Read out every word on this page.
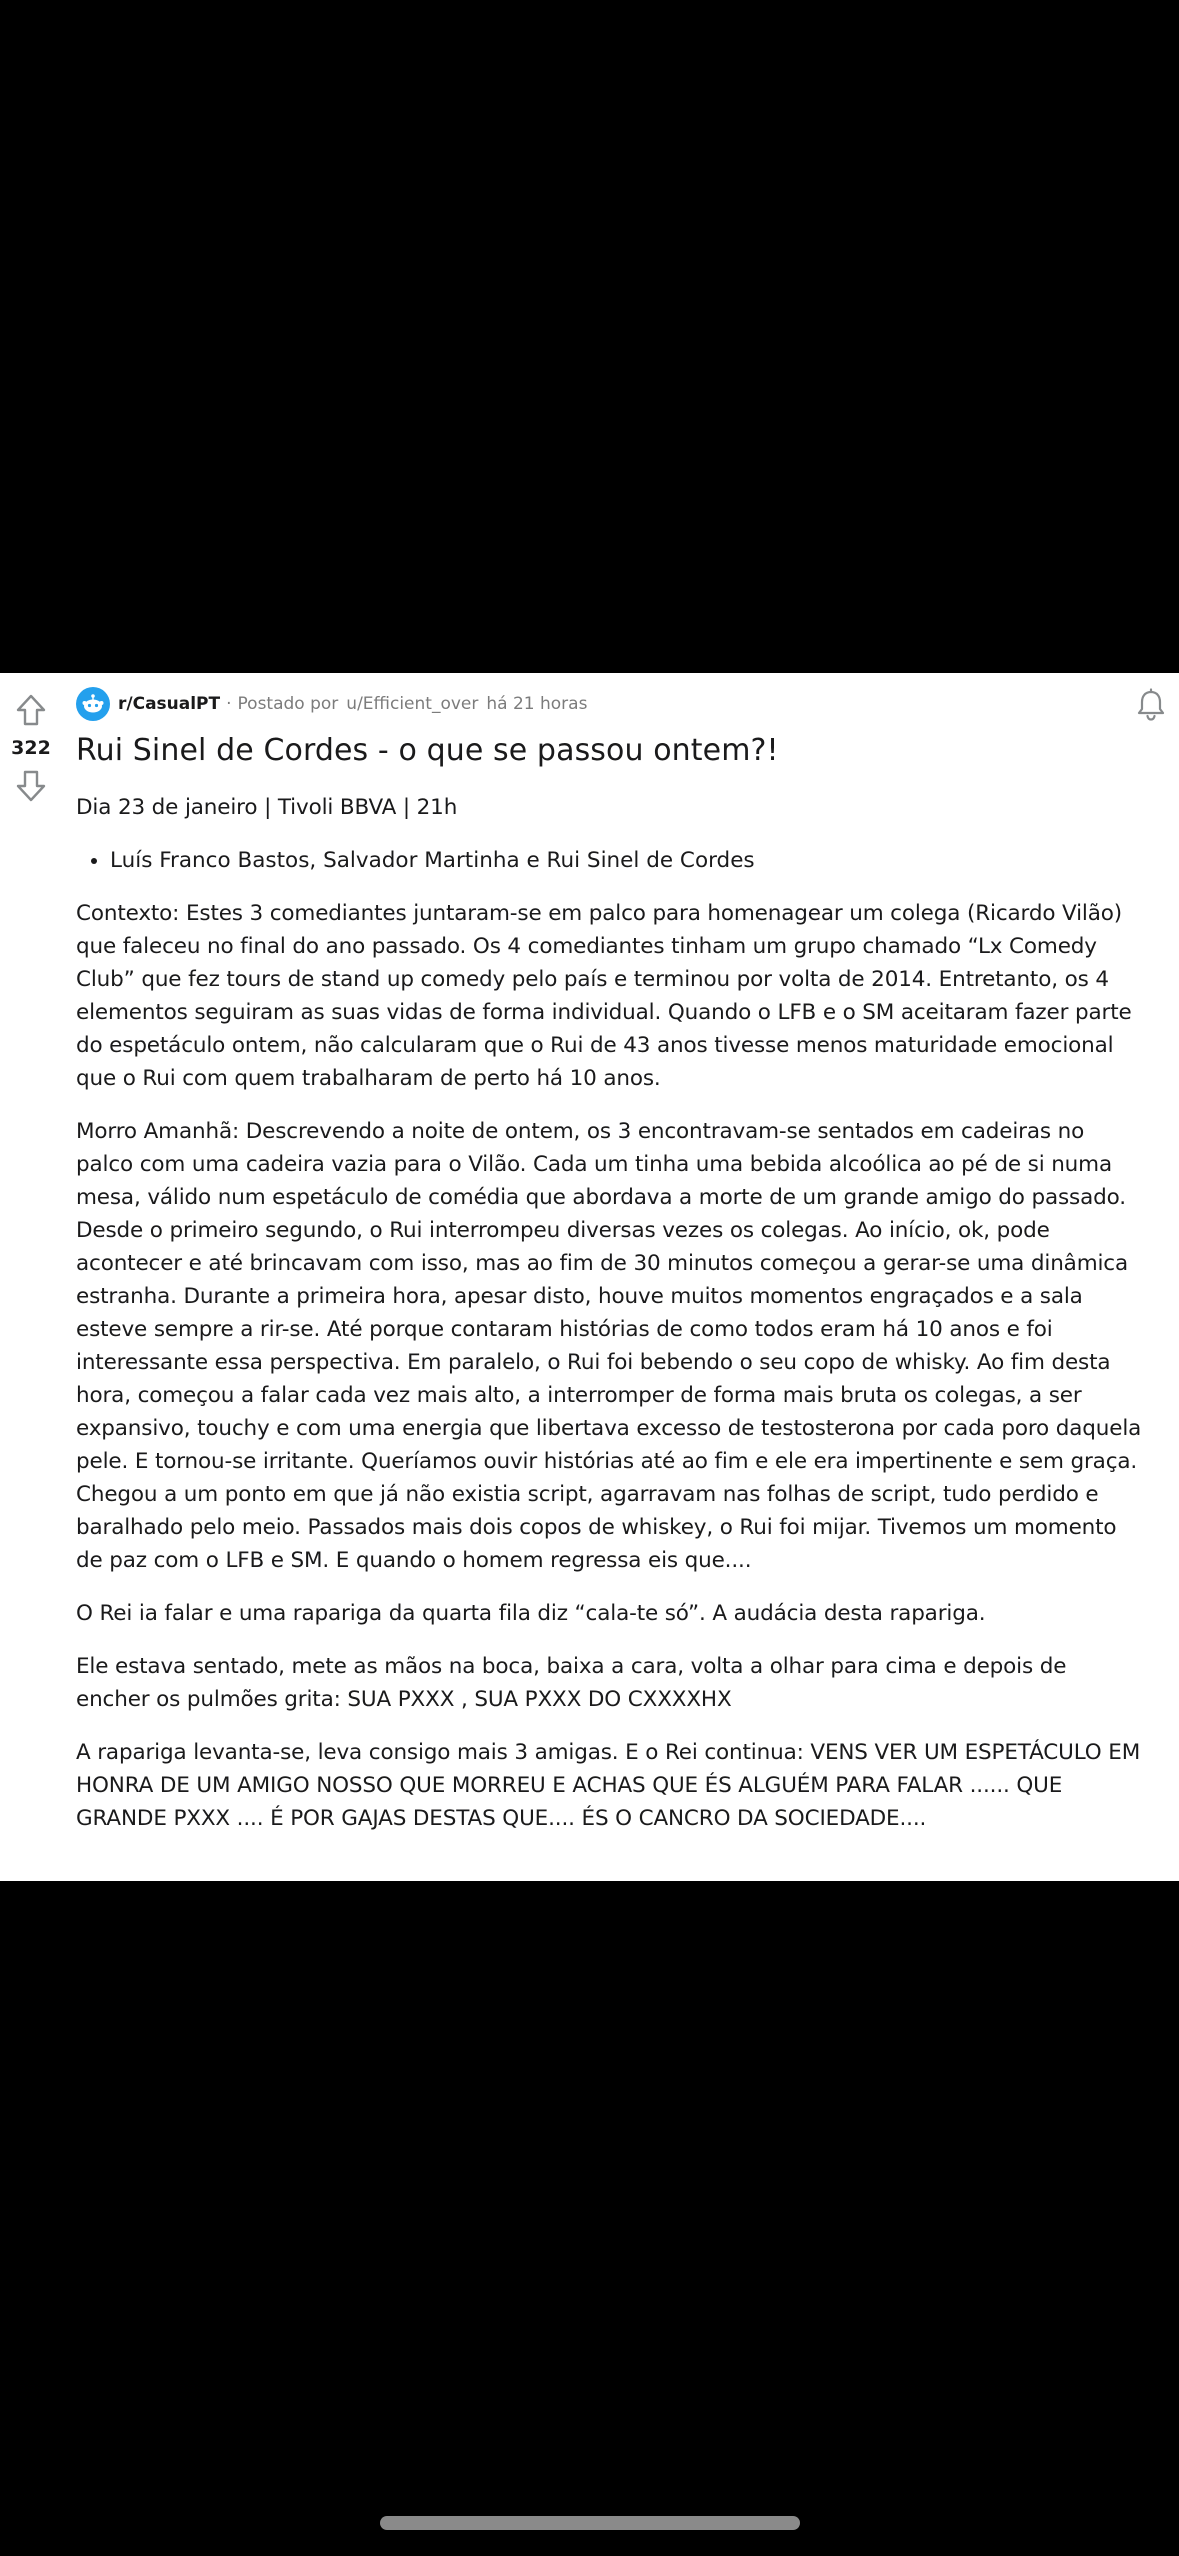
322
r/CasualPT · Postado por u/Efficient_over há 21 horas
Rui Sinel de Cordes - o que se passou ontem?!

Dia 23 de janeiro | Tivoli BBVA | 21h

• Luís Franco Bastos, Salvador Martinha e Rui Sinel de Cordes

Contexto: Estes 3 comediantes juntaram-se em palco para homenagear um colega (Ricardo Vilão) que faleceu no final do ano passado. Os 4 comediantes tinham um grupo chamado “Lx Comedy Club” que fez tours de stand up comedy pelo país e terminou por volta de 2014. Entretanto, os 4 elementos seguiram as suas vidas de forma individual. Quando o LFB e o SM aceitaram fazer parte do espetáculo ontem, não calcularam que o Rui de 43 anos tivesse menos maturidade emocional que o Rui com quem trabalharam de perto há 10 anos.

Morro Amanhã: Descrevendo a noite de ontem, os 3 encontravam-se sentados em cadeiras no palco com uma cadeira vazia para o Vilão. Cada um tinha uma bebida alcoólica ao pé de si numa mesa, válido num espetáculo de comédia que abordava a morte de um grande amigo do passado. Desde o primeiro segundo, o Rui interrompeu diversas vezes os colegas. Ao início, ok, pode acontecer e até brincavam com isso, mas ao fim de 30 minutos começou a gerar-se uma dinâmica estranha. Durante a primeira hora, apesar disto, houve muitos momentos engraçados e a sala esteve sempre a rir-se. Até porque contaram histórias de como todos eram há 10 anos e foi interessante essa perspectiva. Em paralelo, o Rui foi bebendo o seu copo de whisky. Ao fim desta hora, começou a falar cada vez mais alto, a interromper de forma mais bruta os colegas, a ser expansivo, touchy e com uma energia que libertava excesso de testosterona por cada poro daquela pele. E tornou-se irritante. Queríamos ouvir histórias até ao fim e ele era impertinente e sem graça. Chegou a um ponto em que já não existia script, agarravam nas folhas de script, tudo perdido e baralhado pelo meio. Passados mais dois copos de whiskey, o Rui foi mijar. Tivemos um momento de paz com o LFB e SM. E quando o homem regressa eis que....

O Rei ia falar e uma rapariga da quarta fila diz “cala-te só”. A audácia desta rapariga.

Ele estava sentado, mete as mãos na boca, baixa a cara, volta a olhar para cima e depois de encher os pulmões grita: SUA PXXX , SUA PXXX DO CXXXXHX

A rapariga levanta-se, leva consigo mais 3 amigas. E o Rei continua: VENS VER UM ESPETÁCULO EM HONRA DE UM AMIGO NOSSO QUE MORREU E ACHAS QUE ÉS ALGUÉM PARA FALAR ...... QUE GRANDE PXXX .... É POR GAJAS DESTAS QUE.... ÉS O CANCRO DA SOCIEDADE....
